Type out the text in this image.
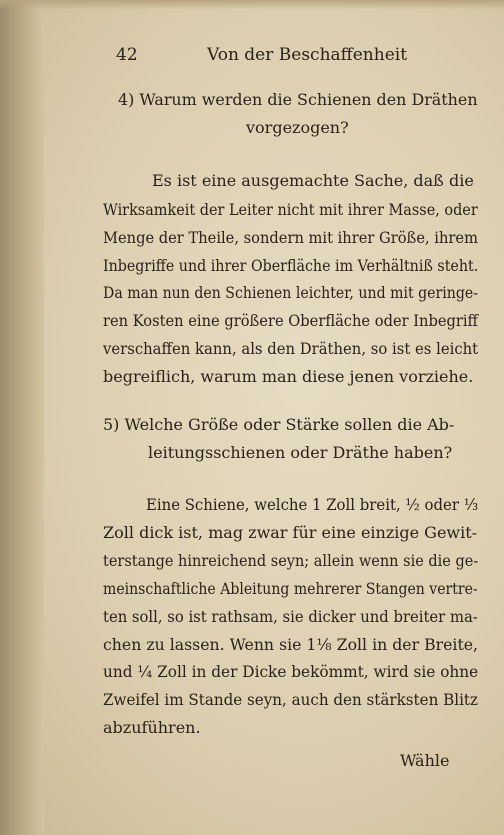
42	Von der Beschaffenheit
4) Warum werden die Schienen den Dräthen
vorgezogen?
Es ist eine ausgemachte Sache, daß die
Wirksamkeit der Leiter nicht mit ihrer Masse, oder
Menge der Theile, sondern mit ihrer Größe, ihrem
Inbegriffe und ihrer Oberfläche im Verhältniß steht.
Da man nun den Schienen leichter, und mit geringe-
ren Kosten eine größere Oberfläche oder Inbegriff
verschaffen kann, als den Dräthen, so ist es leicht
begreiflich, warum man diese jenen vorziehe.
5) Welche Größe oder Stärke sollen die Ab-
leitungsschienen oder Dräthe haben?
Eine Schiene, welche 1 Zoll breit, ½ oder ⅓
Zoll dick ist, mag zwar für eine einzige Gewit-
terstange hinreichend seyn; allein wenn sie die ge-
meinschaftliche Ableitung mehrerer Stangen vertre-
ten soll, so ist rathsam, sie dicker und breiter ma-
chen zu lassen. Wenn sie 1⅛ Zoll in der Breite,
und ¼ Zoll in der Dicke bekömmt, wird sie ohne
Zweifel im Stande seyn, auch den stärksten Blitz
abzuführen.
Wähle
